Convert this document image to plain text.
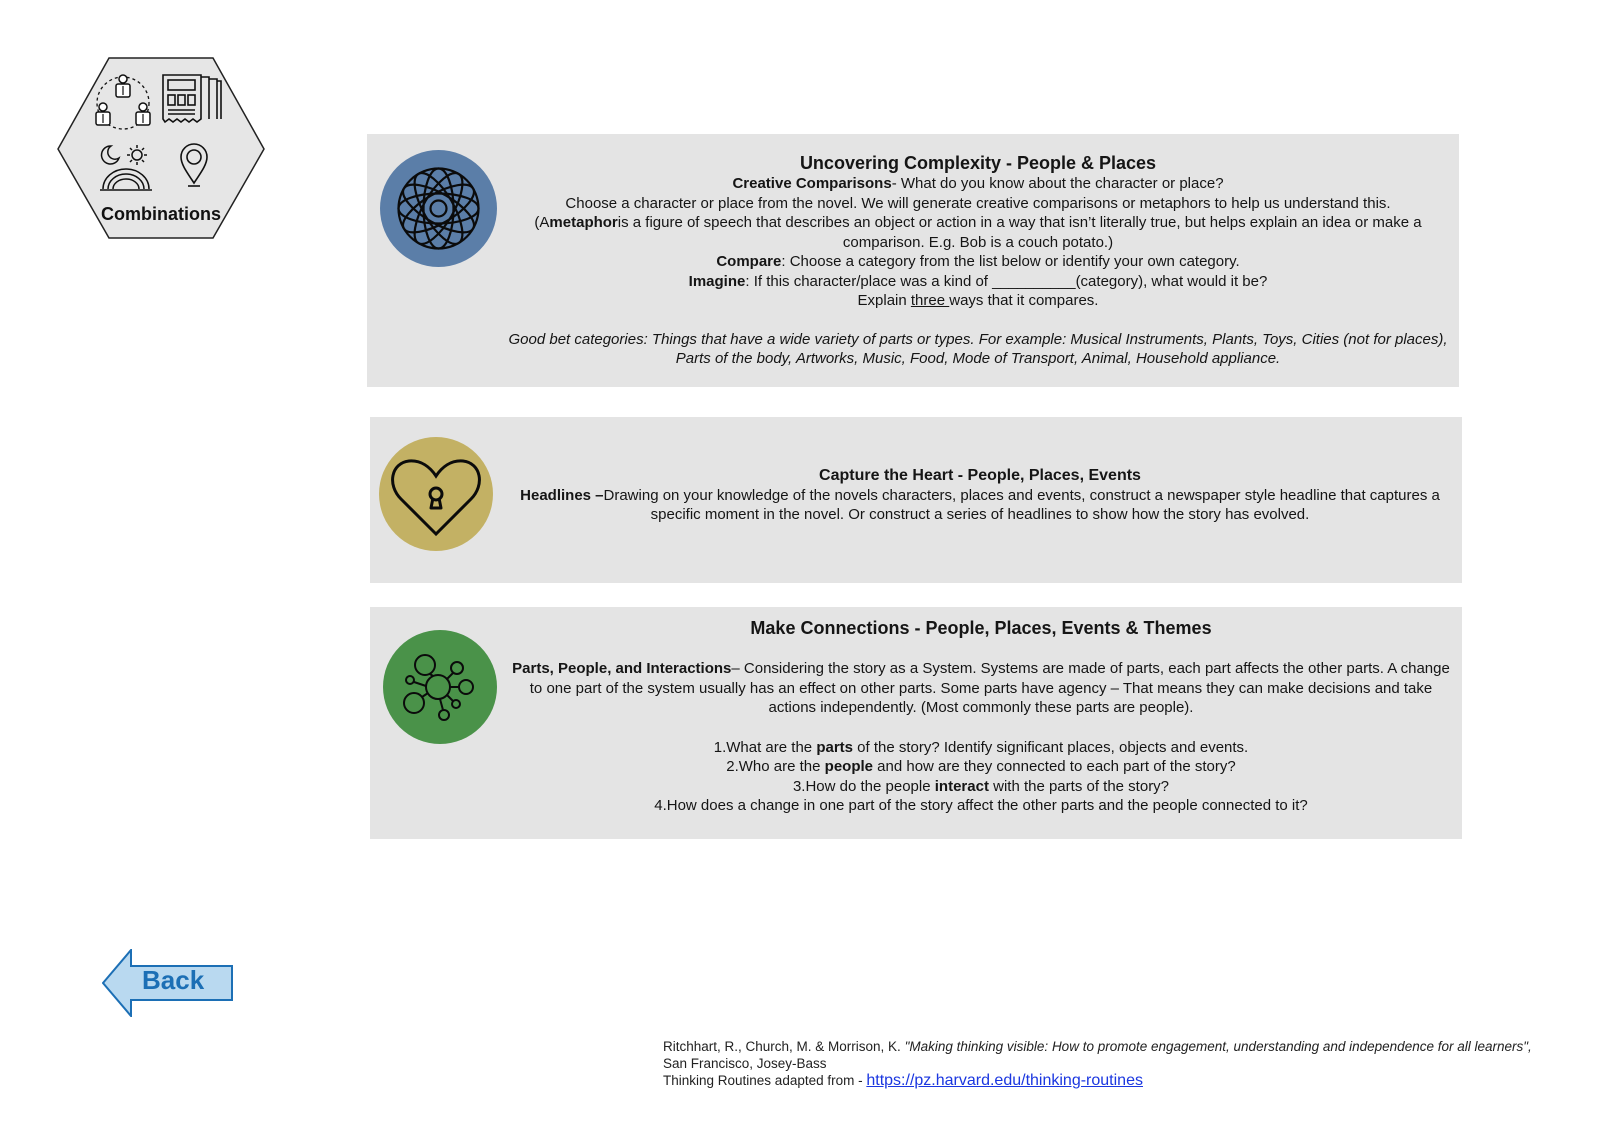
Combinations
Uncovering Complexity - People & Places
Creative Comparisons- What do you know about the character or place?
Choose a character or place from the novel. We will generate creative comparisons or metaphors to help us understand this.
(Ametaphoris a figure of speech that describes an object or action in a way that isn’t literally true, but helps explain an idea or make a comparison. E.g. Bob is a couch potato.)
Compare: Choose a category from the list below or identify your own category.
Imagine: If this character/place was a kind of __________(category), what would it be?
Explain three ways that it compares.
Good bet categories: Things that have a wide variety of parts or types. For example: Musical Instruments, Plants, Toys, Cities (not for places), Parts of the body, Artworks, Music, Food, Mode of Transport, Animal, Household appliance.
Capture the Heart - People, Places, Events
Headlines –Drawing on your knowledge of the novels characters, places and events, construct a newspaper style headline that captures a specific moment in the novel. Or construct a series of headlines to show how the story has evolved.
Make Connections - People, Places, Events & Themes
Parts, People, and Interactions– Considering the story as a System. Systems are made of parts, each part affects the other parts. A change to one part of the system usually has an effect on other parts. Some parts have agency – That means they can make decisions and take actions independently. (Most commonly these parts are people).
1.What are the parts of the story? Identify significant places, objects and events.
2.Who are the people and how are they connected to each part of the story?
3.How do the people interact with the parts of the story?
4.How does a change in one part of the story affect the other parts and the people connected to it?
Back
Ritchhart, R., Church, M. & Morrison, K. "Making thinking visible: How to promote engagement, understanding and independence for all learners", San Francisco, Josey-Bass
Thinking Routines adapted from - https://pz.harvard.edu/thinking-routines
